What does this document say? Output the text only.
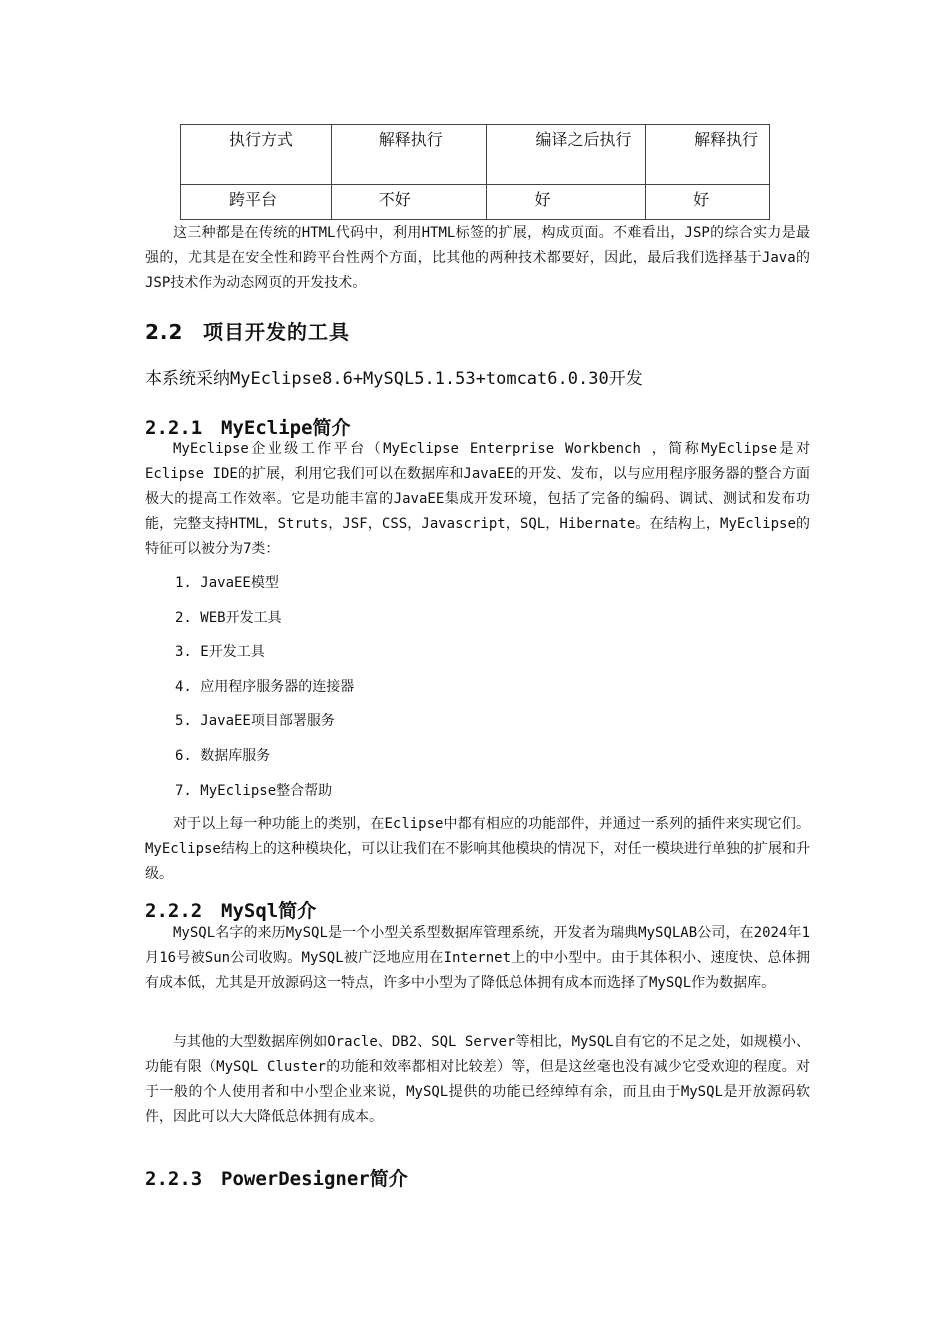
执行方式	解释执行	编译之后执行	解释执行
跨平台	不好	好	好

这三种都是在传统的HTML代码中，利用HTML标签的扩展，构成页面。不难看出，JSP的综合实力是最强的，尤其是在安全性和跨平台性两个方面，比其他的两种技术都要好，因此，最后我们选择基于Java的JSP技术作为动态网页的开发技术。

2.2 项目开发的工具

本系统采纳MyEclipse8.6+MySQL5.1.53+tomcat6.0.30开发

2.2.1 MyEclipe简介

MyEclipse企业级工作平台（MyEclipse Enterprise Workbench ，简称MyEclipse是对Eclipse IDE的扩展，利用它我们可以在数据库和JavaEE的开发、发布，以与应用程序服务器的整合方面极大的提高工作效率。它是功能丰富的JavaEE集成开发环境，包括了完备的编码、调试、测试和发布功能，完整支持HTML，Struts，JSF，CSS，Javascript，SQL，Hibernate。在结构上，MyEclipse的特征可以被分为7类：

1. JavaEE模型
2. WEB开发工具
3. E开发工具
4. 应用程序服务器的连接器
5. JavaEE项目部署服务
6. 数据库服务
7. MyEclipse整合帮助

对于以上每一种功能上的类别，在Eclipse中都有相应的功能部件，并通过一系列的插件来实现它们。MyEclipse结构上的这种模块化，可以让我们在不影响其他模块的情况下，对任一模块进行单独的扩展和升级。

2.2.2 MySql简介

MySQL名字的来历MySQL是一个小型关系型数据库管理系统，开发者为瑞典MySQLAB公司，在2024年1月16号被Sun公司收购。MySQL被广泛地应用在Internet上的中小型中。由于其体积小、速度快、总体拥有成本低，尤其是开放源码这一特点，许多中小型为了降低总体拥有成本而选择了MySQL作为数据库。

与其他的大型数据库例如Oracle、DB2、SQL Server等相比，MySQL自有它的不足之处，如规模小、功能有限（MySQL Cluster的功能和效率都相对比较差）等，但是这丝毫也没有减少它受欢迎的程度。对于一般的个人使用者和中小型企业来说，MySQL提供的功能已经绰绰有余，而且由于MySQL是开放源码软件，因此可以大大降低总体拥有成本。

2.2.3 PowerDesigner简介
